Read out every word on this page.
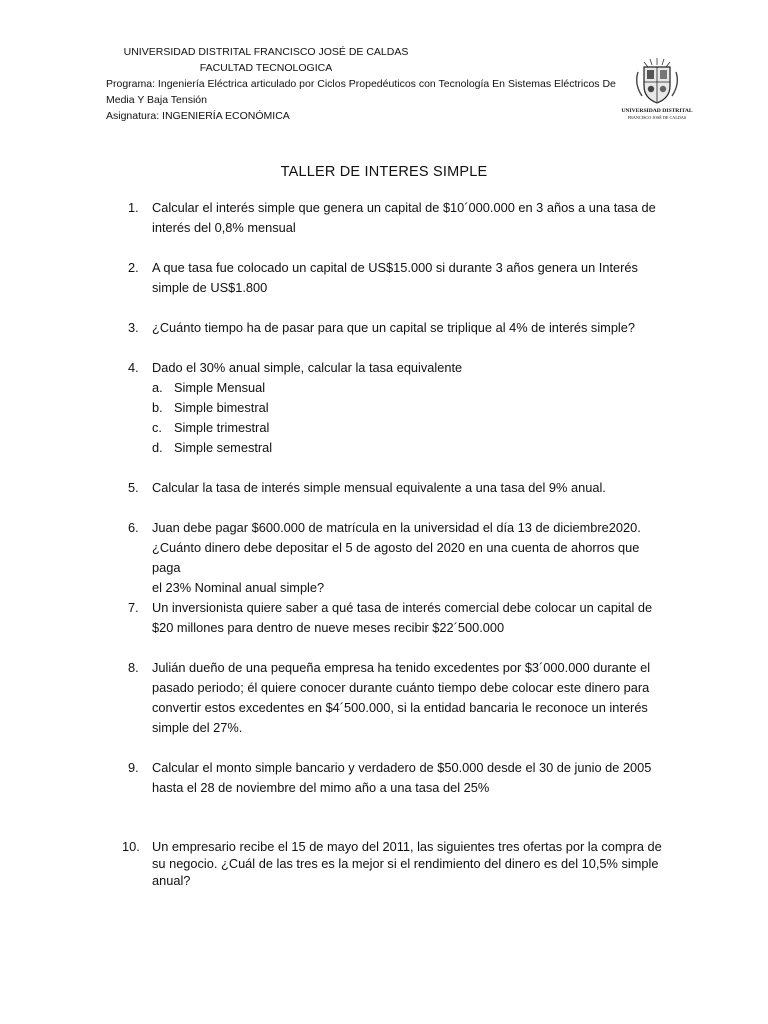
UNIVERSIDAD DISTRITAL FRANCISCO JOSÉ DE CALDAS
FACULTAD TECNOLOGICA
Programa: Ingeniería Eléctrica articulado por Ciclos Propedéuticos con Tecnología En Sistemas Eléctricos De
Media Y Baja Tensión
Asignatura: INGENIERÍA ECONÓMICA	UNIVERSIDAD DISTRITAL
FRANCISCO JOSÉ DE CALDAS
TALLER DE INTERES SIMPLE
1.	Calcular el interés simple que genera un capital de $10´000.000 en 3 años a una tasa de
interés del 0,8% mensual
2.	A que tasa fue colocado un capital de US$15.000 si durante 3 años genera un Interés
simple de US$1.800
3.	¿Cuánto tiempo ha de pasar para que un capital se triplique al 4% de interés simple?
4.	Dado el 30% anual simple, calcular la tasa equivalente
a. Simple Mensual
b. Simple bimestral
c. Simple trimestral
d. Simple semestral
5.	Calcular la tasa de interés simple mensual equivalente a una tasa del 9% anual.
6.	Juan debe pagar $600.000 de matrícula en la universidad el día 13 de diciembre2020.
¿Cuánto dinero debe depositar el 5 de agosto del 2020 en una cuenta de ahorros que paga
el 23% Nominal anual simple?
7.	Un inversionista quiere saber a qué tasa de interés comercial debe colocar un capital de
$20 millones para dentro de nueve meses recibir $22´500.000
8.	Julián dueño de una pequeña empresa ha tenido excedentes por $3´000.000 durante el
pasado periodo; él quiere conocer durante cuánto tiempo debe colocar este dinero para
convertir estos excedentes en $4´500.000, si la entidad bancaria le reconoce un interés
simple del 27%.
9.	Calcular el monto simple bancario y verdadero de $50.000 desde el 30 de junio de 2005
hasta el 28 de noviembre del mimo año a una tasa del 25%
10. Un empresario recibe el 15 de mayo del 2011, las siguientes tres ofertas por la compra de
su negocio. ¿Cuál de las tres es la mejor si el rendimiento del dinero es del 10,5% simple
anual?
